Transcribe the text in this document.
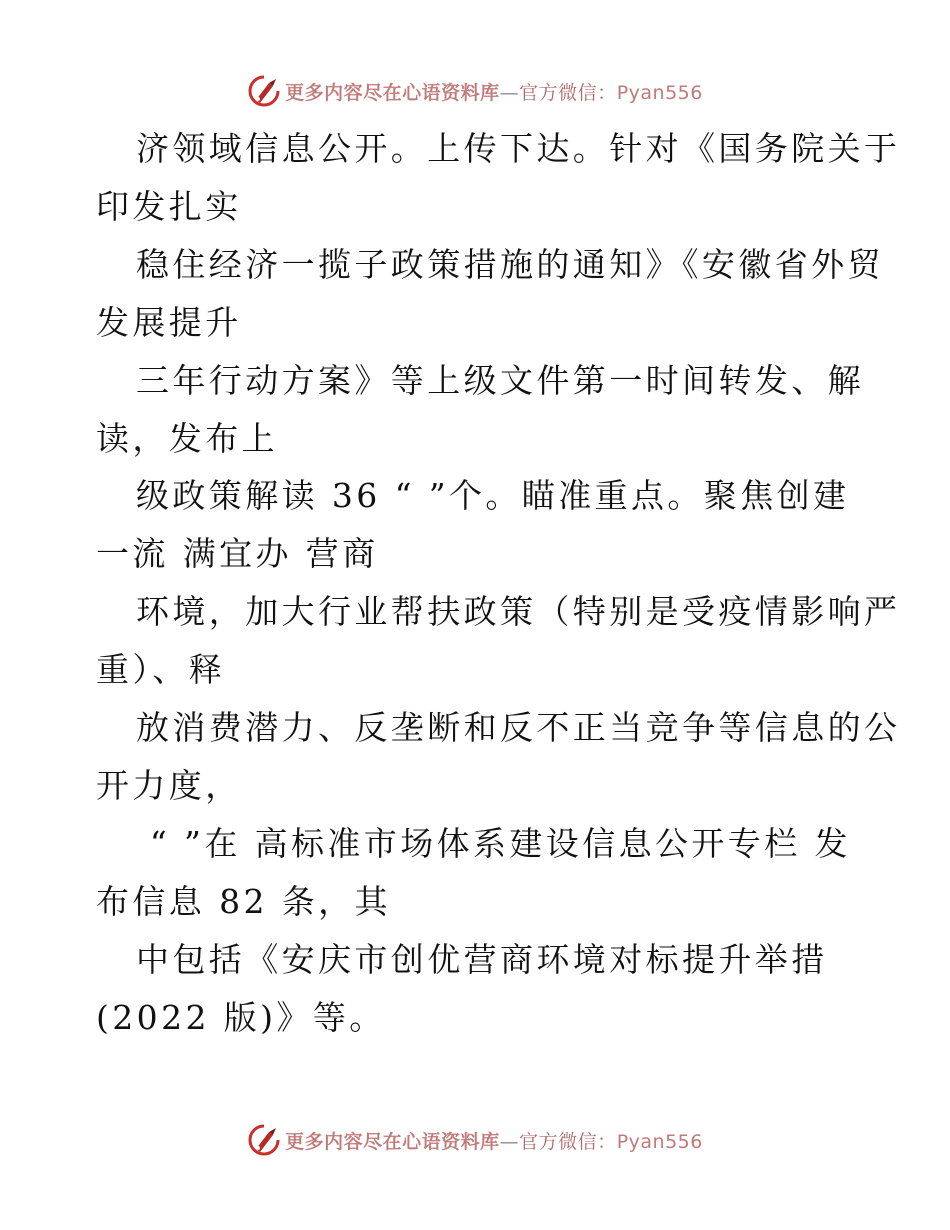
更多内容尽在心语资料库—官方微信：Pyan556
济领域信息公开。上传下达。针对《国务院关于
印发扎实
稳住经济一揽子政策措施的通知》《安徽省外贸
发展提升
三年行动方案》等上级文件第一时间转发、解
读，发布上
级政策解读 36 “ ”个。瞄准重点。聚焦创建
一流 满宜办 营商
环境，加大行业帮扶政策（特别是受疫情影响严
重）、释
放消费潜力、反垄断和反不正当竞争等信息的公
开力度，
“ ”在 高标准市场体系建设信息公开专栏 发
布信息 82 条，其
中包括《安庆市创优营商环境对标提升举措
(2022 版)》等。
更多内容尽在心语资料库—官方微信：Pyan556
